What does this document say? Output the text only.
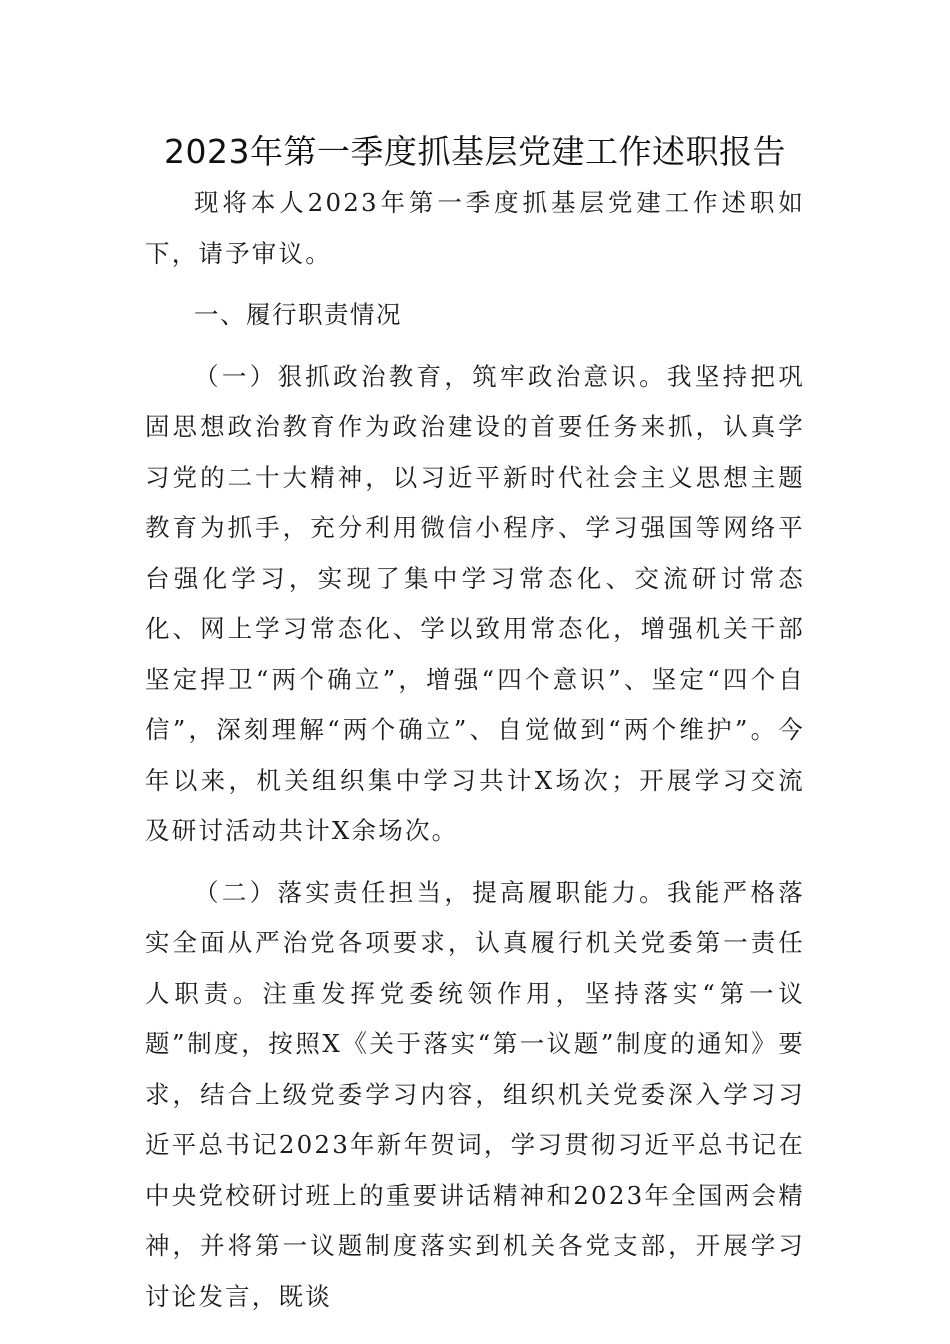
2023年第一季度抓基层党建工作述职报告

现将本人2023年第一季度抓基层党建工作述职如下，请予审议。

一、履行职责情况

（一）狠抓政治教育，筑牢政治意识。我坚持把巩固思想政治教育作为政治建设的首要任务来抓，认真学习党的二十大精神，以习近平新时代社会主义思想主题教育为抓手，充分利用微信小程序、学习强国等网络平台强化学习，实现了集中学习常态化、交流研讨常态化、网上学习常态化、学以致用常态化，增强机关干部坚定捍卫“两个确立”，增强“四个意识”、坚定“四个自信”，深刻理解“两个确立”、自觉做到“两个维护”。今年以来，机关组织集中学习共计X场次；开展学习交流及研讨活动共计X余场次。

（二）落实责任担当，提高履职能力。我能严格落实全面从严治党各项要求，认真履行机关党委第一责任人职责。注重发挥党委统领作用，坚持落实“第一议题”制度，按照X《关于落实“第一议题”制度的通知》要求，结合上级党委学习内容，组织机关党委深入学习习近平总书记2023年新年贺词，学习贯彻习近平总书记在中央党校研讨班上的重要讲话精神和2023年全国两会精神，并将第一议题制度落实到机关各党支部，开展学习讨论发言，既谈
